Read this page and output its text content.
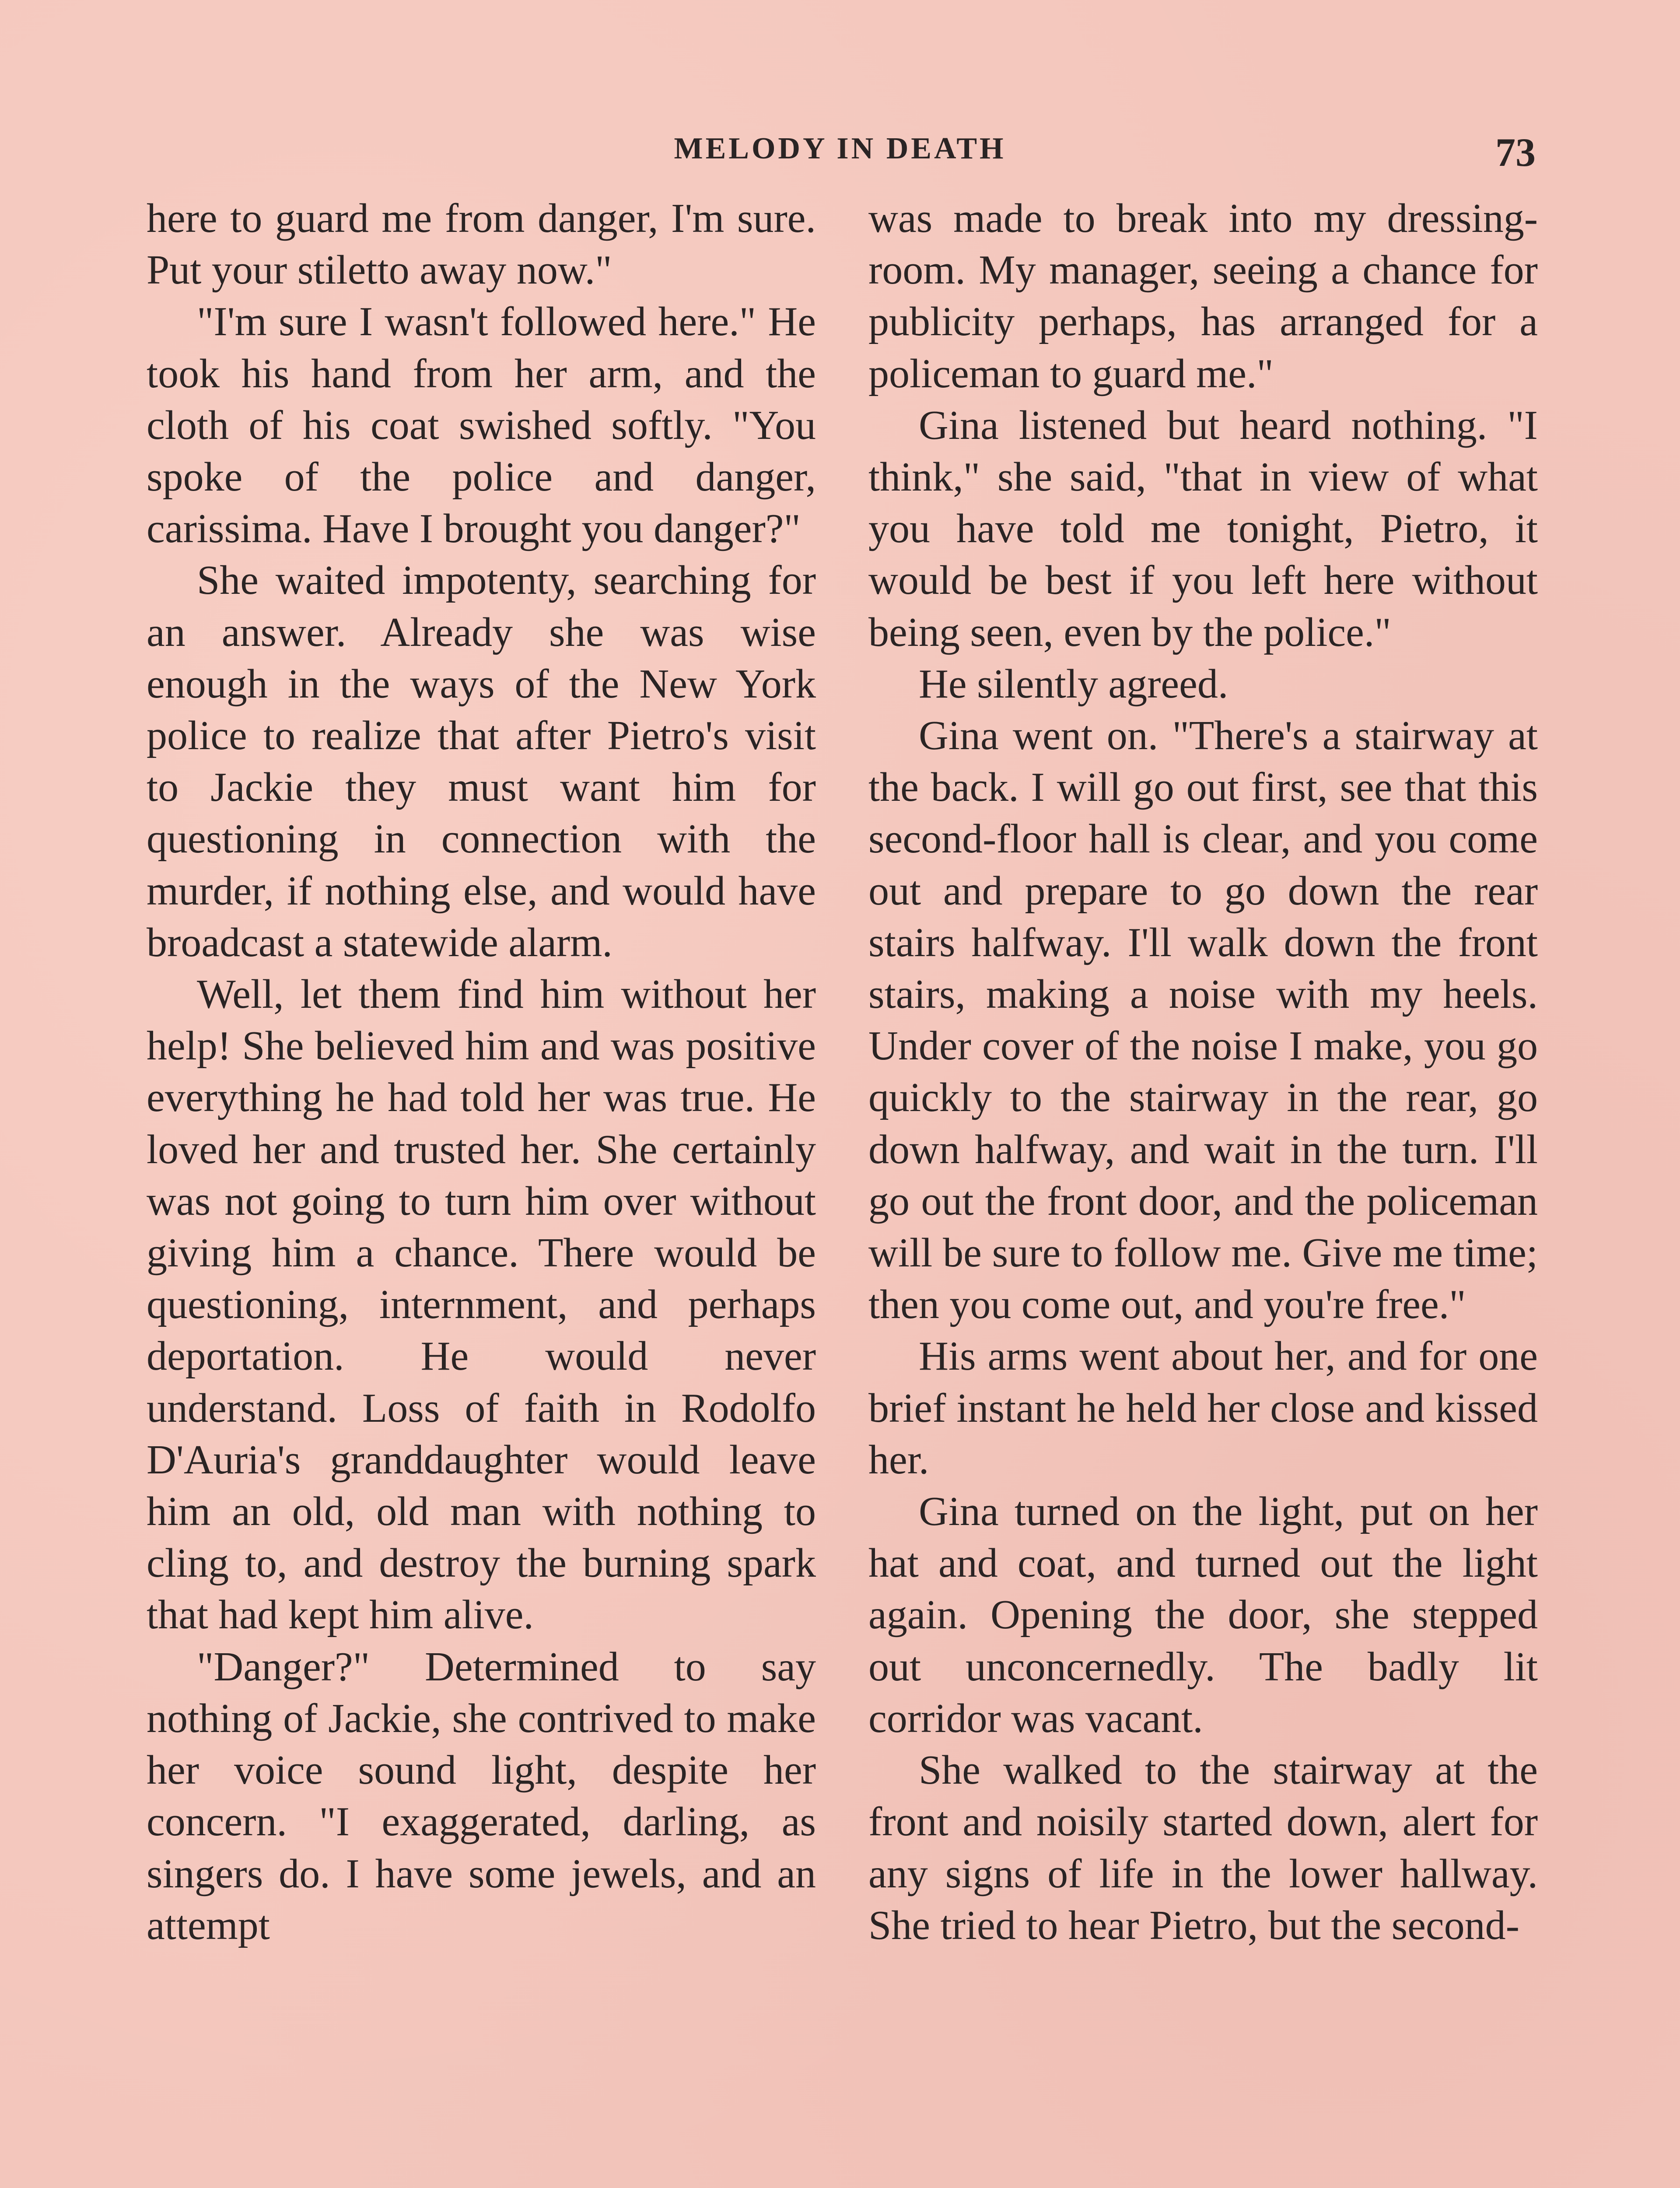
MELODY IN DEATH	73

here to guard me from danger, I'm sure. Put your stiletto away now."

"I'm sure I wasn't followed here." He took his hand from her arm, and the cloth of his coat swished softly. "You spoke of the police and danger, carissima. Have I brought you danger?"

She waited impotenty, searching for an answer. Already she was wise enough in the ways of the New York police to realize that after Pietro's visit to Jackie they must want him for questioning in connection with the murder, if nothing else, and would have broadcast a statewide alarm.

Well, let them find him without her help! She believed him and was positive everything he had told her was true. He loved her and trusted her. She certainly was not going to turn him over without giving him a chance. There would be questioning, internment, and perhaps deportation. He would never understand. Loss of faith in Rodolfo D'Auria's granddaughter would leave him an old, old man with nothing to cling to, and destroy the burning spark that had kept him alive.

"Danger?" Determined to say nothing of Jackie, she contrived to make her voice sound light, despite her concern. "I exaggerated, darling, as singers do. I have some jewels, and an attempt

was made to break into my dressing-room. My manager, seeing a chance for publicity perhaps, has arranged for a policeman to guard me."

Gina listened but heard nothing. "I think," she said, "that in view of what you have told me tonight, Pietro, it would be best if you left here without being seen, even by the police."

He silently agreed.

Gina went on. "There's a stairway at the back. I will go out first, see that this second-floor hall is clear, and you come out and prepare to go down the rear stairs halfway. I'll walk down the front stairs, making a noise with my heels. Under cover of the noise I make, you go quickly to the stairway in the rear, go down halfway, and wait in the turn. I'll go out the front door, and the policeman will be sure to follow me. Give me time; then you come out, and you're free."

His arms went about her, and for one brief instant he held her close and kissed her.

Gina turned on the light, put on her hat and coat, and turned out the light again. Opening the door, she stepped out unconcernedly. The badly lit corridor was vacant.

She walked to the stairway at the front and noisily started down, alert for any signs of life in the lower hallway. She tried to hear Pietro, but the second-
